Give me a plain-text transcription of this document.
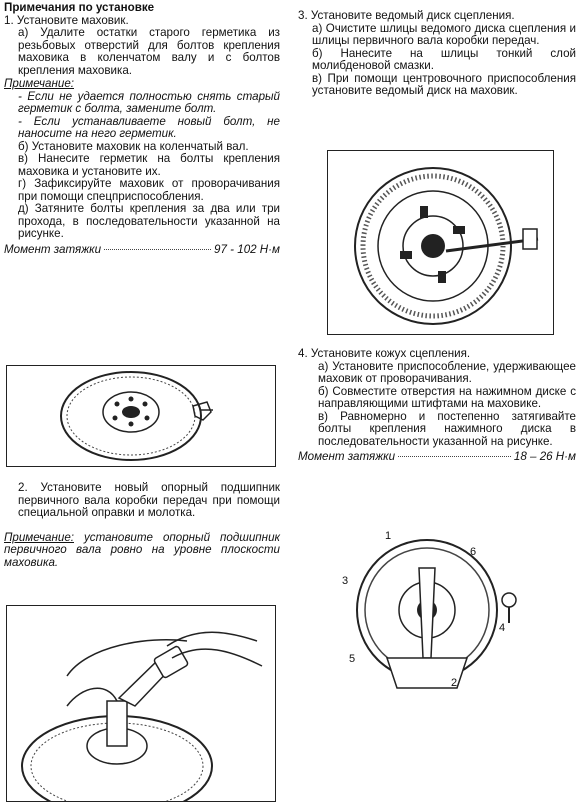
Примечания по установке

1. Установите маховик.

а) Удалите остатки старого герметика из резьбовых отверстий для болтов крепления маховика в коленчатом валу и с болтов крепления маховика.

Примечание:

- Если не удается полностью снять старый герметик с болта, замените болт.

- Если устанавливаете новый болт, не наносите на него герметик.

б) Установите маховик на коленчатый вал.

в) Нанесите герметик на болты крепления маховика и установите их.

г) Зафиксируйте маховик от проворачивания при помощи спецприспособления.

д) Затяните болты крепления за два или три прохода, в последовательности указанной на рисунке.

Момент затяжки	97 - 102 Н·м

2. Установите новый опорный подшипник первичного вала коробки передач при помощи специальной оправки и молотка.

Примечание: установите опорный подшипник первичного вала ровно на уровне плоскости маховика.

3. Установите ведомый диск сцепления.

а) Очистите шлицы ведомого диска сцепления и шлицы первичного вала коробки передач.

б) Нанесите на шлицы тонкий слой молибденовой смазки.

в) При помощи центровочного приспособления установите ведомый диск на маховик.

4. Установите кожух сцепления.

а) Установите приспособление, удерживающее маховик от проворачивания.

б) Совместите отверстия на нажимном диске с направляющими штифтами на маховике.

в) Равномерно и постепенно затягивайте болты крепления нажимного диска в последовательности указанной на рисунке.

Момент затяжки	18 – 26 Н·м
1
2
3
4
5
6
